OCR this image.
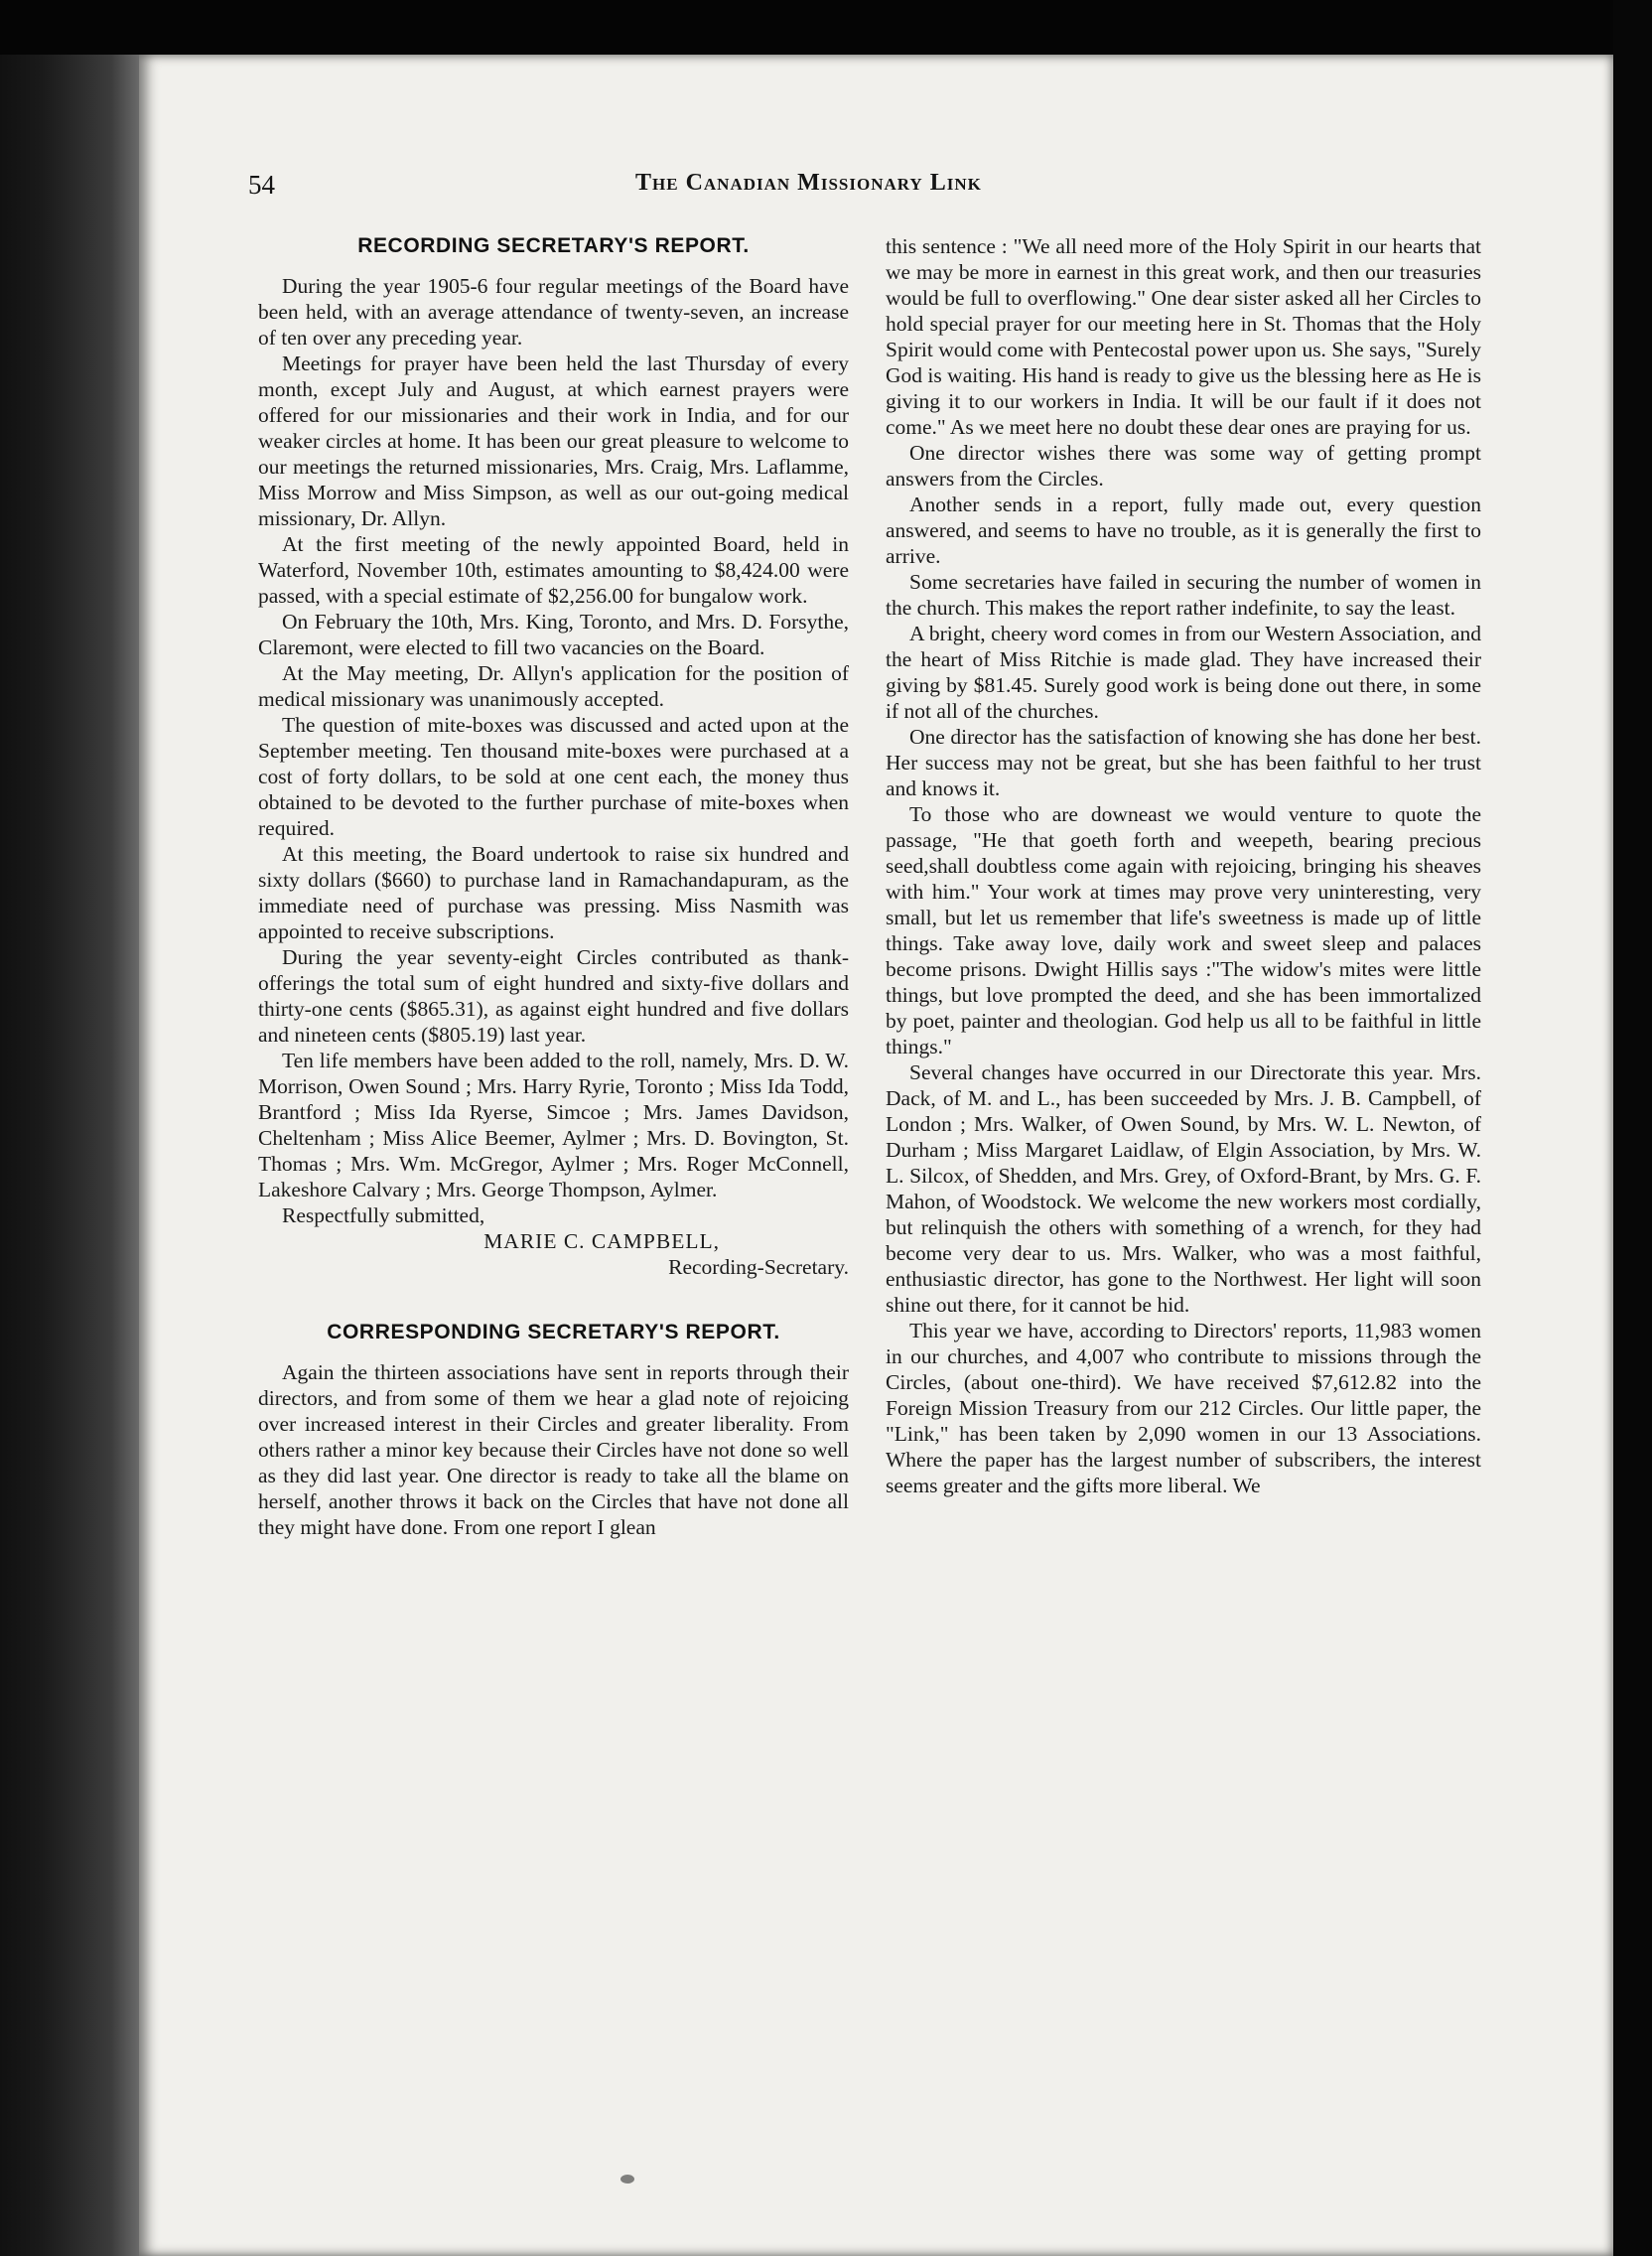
54	The Canadian Missionary Link
RECORDING SECRETARY'S REPORT.

During the year 1905-6 four regular meetings of the Board have been held, with an average attendance of twenty-seven, an increase of ten over any preceding year.

Meetings for prayer have been held the last Thursday of every month, except July and August, at which earnest prayers were offered for our missionaries and their work in India, and for our weaker circles at home. It has been our great pleasure to welcome to our meetings the returned missionaries, Mrs. Craig, Mrs. Laflamme, Miss Morrow and Miss Simpson, as well as our out-going medical missionary, Dr. Allyn.

At the first meeting of the newly appointed Board, held in Waterford, November 10th, estimates amounting to $8,424.00 were passed, with a special estimate of $2,256.00 for bungalow work.

On February the 10th, Mrs. King, Toronto, and Mrs. D. Forsythe, Claremont, were elected to fill two vacancies on the Board.

At the May meeting, Dr. Allyn's application for the position of medical missionary was unanimously accepted.

The question of mite-boxes was discussed and acted upon at the September meeting. Ten thousand mite-boxes were purchased at a cost of forty dollars, to be sold at one cent each, the money thus obtained to be devoted to the further purchase of mite-boxes when required.

At this meeting, the Board undertook to raise six hundred and sixty dollars ($660) to purchase land in Ramachandapuram, as the immediate need of purchase was pressing. Miss Nasmith was appointed to receive subscriptions.

During the year seventy-eight Circles contributed as thank-offerings the total sum of eight hundred and sixty-five dollars and thirty-one cents ($865.31), as against eight hundred and five dollars and nineteen cents ($805.19) last year.

Ten life members have been added to the roll, namely, Mrs. D. W. Morrison, Owen Sound ; Mrs. Harry Ryrie, Toronto ; Miss Ida Todd, Brantford ; Miss Ida Ryerse, Simcoe ; Mrs. James Davidson, Cheltenham ; Miss Alice Beemer, Aylmer ; Mrs. D. Bovington, St. Thomas ; Mrs. Wm. McGregor, Aylmer ; Mrs. Roger McConnell, Lakeshore Calvary ; Mrs. George Thompson, Aylmer.

Respectfully submitted,
MARIE C. CAMPBELL,
Recording-Secretary.
CORRESPONDING SECRETARY'S REPORT.

Again the thirteen associations have sent in reports through their directors, and from some of them we hear a glad note of rejoicing over increased interest in their Circles and greater liberality. From others rather a minor key because their Circles have not done so well as they did last year. One director is ready to take all the blame on herself, another throws it back on the Circles that have not done all they might have done. From one report I glean

this sentence : "We all need more of the Holy Spirit in our hearts that we may be more in earnest in this great work, and then our treasuries would be full to overflowing." One dear sister asked all her Circles to hold special prayer for our meeting here in St. Thomas that the Holy Spirit would come with Pentecostal power upon us. She says, "Surely God is waiting. His hand is ready to give us the blessing here as He is giving it to our workers in India. It will be our fault if it does not come." As we meet here no doubt these dear ones are praying for us.

One director wishes there was some way of getting prompt answers from the Circles.

Another sends in a report, fully made out, every question answered, and seems to have no trouble, as it is generally the first to arrive.

Some secretaries have failed in securing the number of women in the church. This makes the report rather indefinite, to say the least.

A bright, cheery word comes in from our Western Association, and the heart of Miss Ritchie is made glad. They have increased their giving by $81.45. Surely good work is being done out there, in some if not all of the churches.

One director has the satisfaction of knowing she has done her best. Her success may not be great, but she has been faithful to her trust and knows it.

To those who are downeast we would venture to quote the passage, "He that goeth forth and weepeth, bearing precious seed,shall doubtless come again with rejoicing, bringing his sheaves with him." Your work at times may prove very uninteresting, very small, but let us remember that life's sweetness is made up of little things. Take away love, daily work and sweet sleep and palaces become prisons. Dwight Hillis says :"The widow's mites were little things, but love prompted the deed, and she has been immortalized by poet, painter and theologian. God help us all to be faithful in little things."

Several changes have occurred in our Directorate this year. Mrs. Dack, of M. and L., has been succeeded by Mrs. J. B. Campbell, of London ; Mrs. Walker, of Owen Sound, by Mrs. W. L. Newton, of Durham ; Miss Margaret Laidlaw, of Elgin Association, by Mrs. W. L. Silcox, of Shedden, and Mrs. Grey, of Oxford-Brant, by Mrs. G. F. Mahon, of Woodstock. We welcome the new workers most cordially, but relinquish the others with something of a wrench, for they had become very dear to us. Mrs. Walker, who was a most faithful, enthusiastic director, has gone to the Northwest. Her light will soon shine out there, for it cannot be hid.

This year we have, according to Directors' reports, 11,983 women in our churches, and 4,007 who contribute to missions through the Circles, (about one-third). We have received $7,612.82 into the Foreign Mission Treasury from our 212 Circles. Our little paper, the "Link," has been taken by 2,090 women in our 13 Associations. Where the paper has the largest number of subscribers, the interest seems greater and the gifts more liberal. We
